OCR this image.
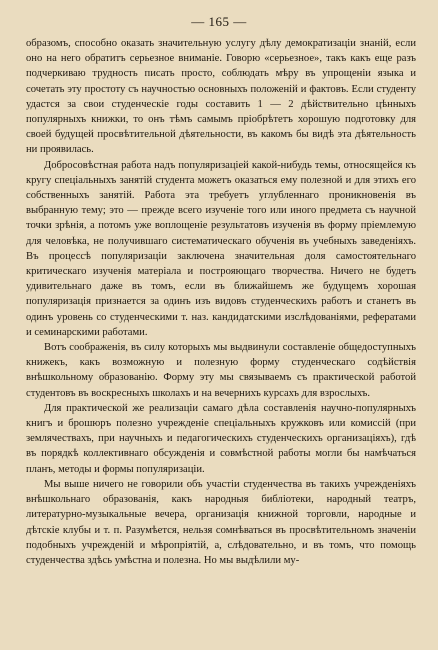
— 165 —

образомъ, способно оказать значительную услугу дѣлу демократизаціи знаній, если оно на него обратитъ серьезное вниманіе. Говорю «серьезное», такъ какъ еще разъ подчеркиваю трудность писать просто, соблюдать мѣру въ упрощеніи языка и сочетать эту простоту съ научностью основныхъ положеній и фактовъ. Если студенту удастся за свои студенческіе годы составить 1 — 2 дѣйствительно цѣнныхъ популярныхъ книжки, то онъ тѣмъ самымъ пріобрѣтетъ хорошую подготовку для своей будущей просвѣтительной дѣятельности, въ какомъ бы видѣ эта дѣятельность ни проявилась.

Добросовѣстная работа надъ популяризаціей какой-нибудь темы, относящейся къ кругу спеціальныхъ занятій студента можетъ оказаться ему полезной и для этихъ его собственныхъ занятій. Работа эта требуетъ углубленнаго проникновенія въ выбранную тему; это — прежде всего изученіе того или иного предмета съ научной точки зрѣнія, а потомъ уже воплощеніе результатовъ изученія въ форму пріемлемую для человѣка, не получившаго систематическаго обученія въ учебныхъ заведеніяхъ. Въ процессѣ популяризаціи заключена значительная доля самостоятельнаго критическаго изученія матеріала и построяющаго творчества. Ничего не будетъ удивительнаго даже въ томъ, если въ ближайшемъ же будущемъ хорошая популяризація признается за одинъ изъ видовъ студенческихъ работъ и станетъ въ одинъ уровень со студенческими т. наз. кандидатскими изслѣдованіями, рефератами и семинарскими работами.

Вотъ соображенія, въ силу которыхъ мы выдвинули составленіе общедоступныхъ книжекъ, какъ возможную и полезную форму студенческаго содѣйствія внѣшкольному образованію. Форму эту мы связываемъ съ практической работой студентовъ въ воскресныхъ школахъ и на вечернихъ курсахъ для взрослыхъ.

Для практической же реализаціи самаго дѣла составленія научно-популярныхъ книгъ и брошюръ полезно учрежденіе спеціальныхъ кружковъ или комиссій (при землячествахъ, при научныхъ и педагогическихъ студенческихъ организаціяхъ), гдѣ въ порядкѣ коллективнаго обсужденія и совмѣстной работы могли бы намѣчаться планъ, методы и формы популяризаціи.

Мы выше ничего не говорили объ участіи студенчества въ такихъ учрежденіяхъ внѣшкольнаго образованія, какъ народныя библіотеки, народный театръ, литературно-музыкальные вечера, организація книжной торговли, народные и дѣтскіе клубы и т. п. Разумѣется, нельзя сомнѣваться въ просвѣтительномъ значеніи подобныхъ учрежденій и мѣропріятій, а, слѣдовательно, и въ томъ, что помощь студенчества здѣсь умѣстна и полезна. Но мы выдѣлили му-
